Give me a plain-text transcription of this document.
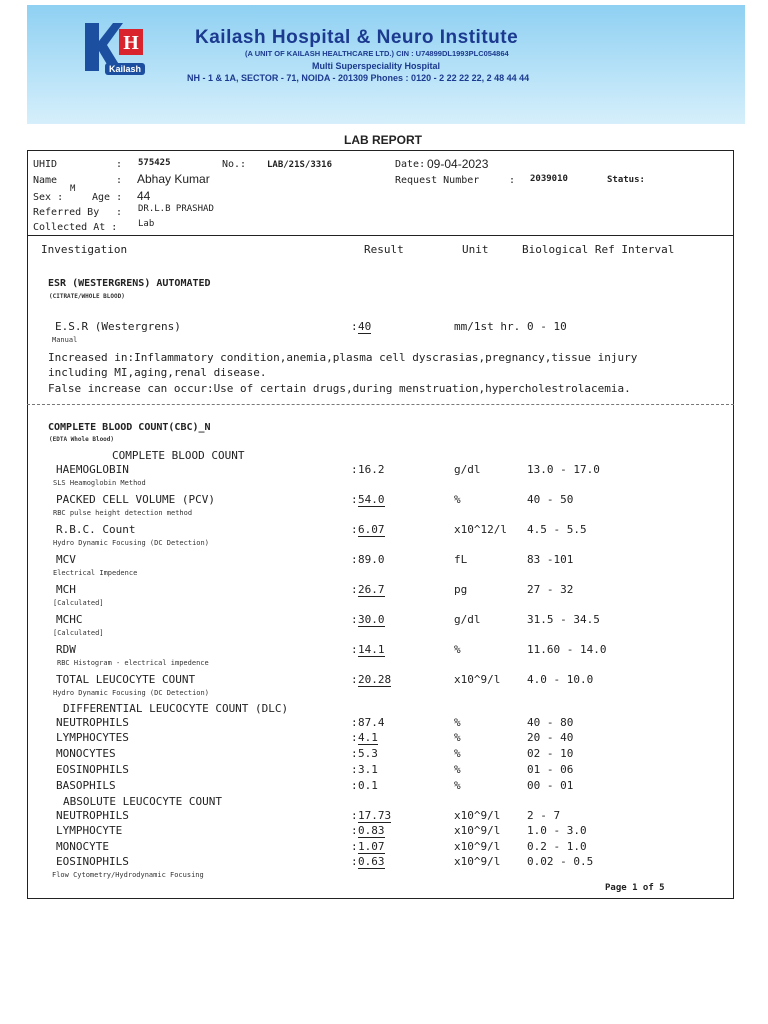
H
Kailash
Kailash Hospital & Neuro Institute
(A UNIT OF KAILASH HEALTHCARE LTD.) CIN : U74899DL1993PLC054864
Multi Superspeciality Hospital
NH - 1 & 1A, SECTOR - 71, NOIDA - 201309 Phones : 0120 - 2 22 22 22, 2 48 44 44
LAB REPORT
UHID	: 575425	No.: LAB/21S/3316	Date: 09-04-2023
Name	: Abhay Kumar	Request Number	: 2039010	Status:
Sex :
M
Age : 44
Referred By : DR.L.B PRASHAD
Collected At : Lab
Investigation	Result	Unit	Biological Ref Interval
ESR (WESTERGRENS) AUTOMATED
(CITRATE/WHOLE BLOOD)
E.S.R (Westergrens)
Manual
: 40	mm/1st hr. 0 - 10
Increased in:Inflammatory condition,anemia,plasma cell dyscrasias,pregnancy,tissue injury
including MI,aging,renal disease.
False increase can occur:Use of certain drugs,during menstruation,hypercholestrolacemia.
COMPLETE BLOOD COUNT(CBC)_N
(EDTA Whole Blood)
COMPLETE BLOOD COUNT
HAEMOGLOBIN
SLS Heamoglobin Method
: 16.2	g/dl	13.0 - 17.0
PACKED CELL VOLUME (PCV)
RBC pulse height detection method
: 54.0	%	40 - 50
R.B.C. Count
Hydro Dynamic Focusing (DC Detection)
: 6.07	x10^12/l 4.5 - 5.5
MCV
Electrical Impedence
: 89.0	fL	83 -101
MCH
[Calculated]
: 26.7	pg	27 - 32
MCHC
[Calculated]
: 30.0	g/dl	31.5 - 34.5
RDW
RBC Histogram - electrical impedence
: 14.1	%	11.60 - 14.0
TOTAL LEUCOCYTE COUNT
Hydro Dynamic Focusing (DC Detection)
: 20.28	x10^9/l 4.0 - 10.0
DIFFERENTIAL LEUCOCYTE COUNT (DLC)
NEUTROPHILS	: 87.4	%	40 - 80
LYMPHOCYTES	: 4.1	%	20 - 40
MONOCYTES	: 5.3	%	02 - 10
EOSINOPHILS	: 3.1	%	01 - 06
BASOPHILS	: 0.1	%	00 - 01
ABSOLUTE LEUCOCYTE COUNT
NEUTROPHILS	: 17.73	x10^9/l 2 - 7
LYMPHOCYTE	: 0.83	x10^9/l 1.0 - 3.0
MONOCYTE	: 1.07	x10^9/l 0.2 - 1.0
EOSINOPHILS	: 0.63	x10^9/l 0.02 - 0.5
Flow Cytometry/Hydrodynamic Focusing
Page 1 of 5
